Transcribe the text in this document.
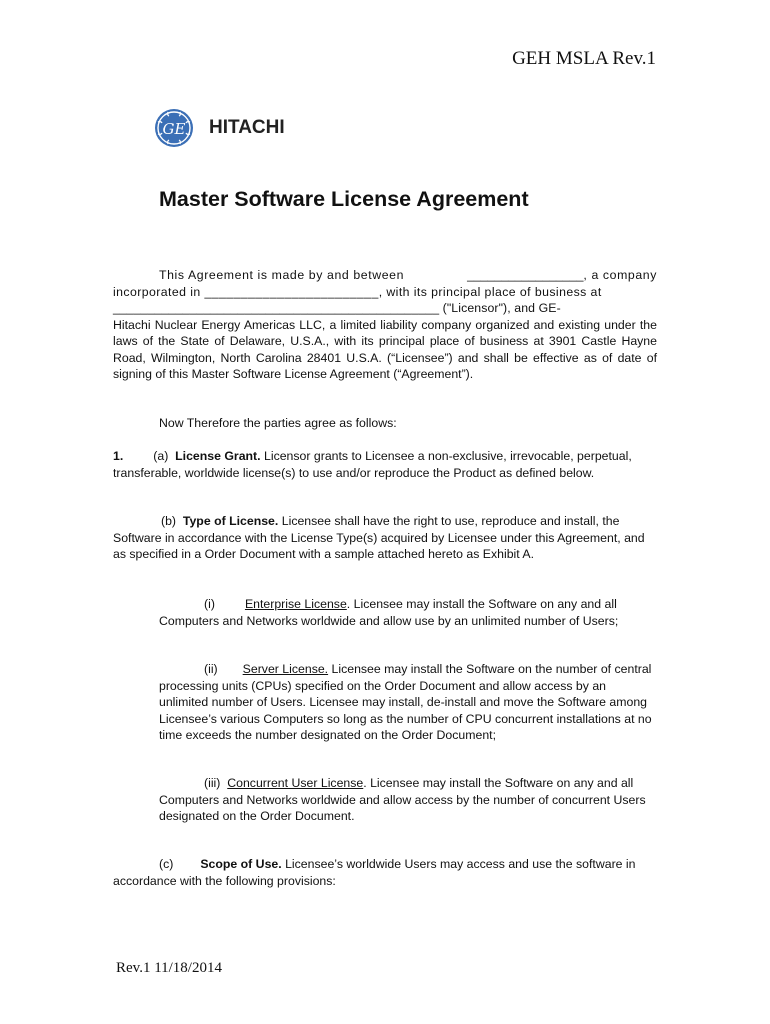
GEH MSLA Rev.1
GE HITACHI
Master Software License Agreement
This Agreement is made by and between	_________________, a company
incorporated in ________________________, with its principal place of business at
_______________________________________________ ("Licensor"), and GE-
Hitachi Nuclear Energy Americas LLC, a limited liability company organized and existing under the laws of the State of Delaware, U.S.A., with its principal place of business at 3901 Castle Hayne Road, Wilmington, North Carolina 28401 U.S.A. (“Licensee”) and shall be effective as of date of signing of this Master Software License Agreement (“Agreement”).
Now Therefore the parties agree as follows:
1. (a) License Grant. Licensor grants to Licensee a non-exclusive, irrevocable, perpetual, transferable, worldwide license(s) to use and/or reproduce the Product as defined below.
(b) Type of License. Licensee shall have the right to use, reproduce and install, the Software in accordance with the License Type(s) acquired by Licensee under this Agreement, and as specified in a Order Document with a sample attached hereto as Exhibit A.
(i) Enterprise License. Licensee may install the Software on any and all Computers and Networks worldwide and allow use by an unlimited number of Users;
(ii) Server License. Licensee may install the Software on the number of central processing units (CPUs) specified on the Order Document and allow access by an unlimited number of Users. Licensee may install, de-install and move the Software among Licensee’s various Computers so long as the number of CPU concurrent installations at no time exceeds the number designated on the Order Document;
(iii) Concurrent User License. Licensee may install the Software on any and all Computers and Networks worldwide and allow access by the number of concurrent Users designated on the Order Document.
(c) Scope of Use. Licensee’s worldwide Users may access and use the software in accordance with the following provisions:
Rev.1 11/18/2014
